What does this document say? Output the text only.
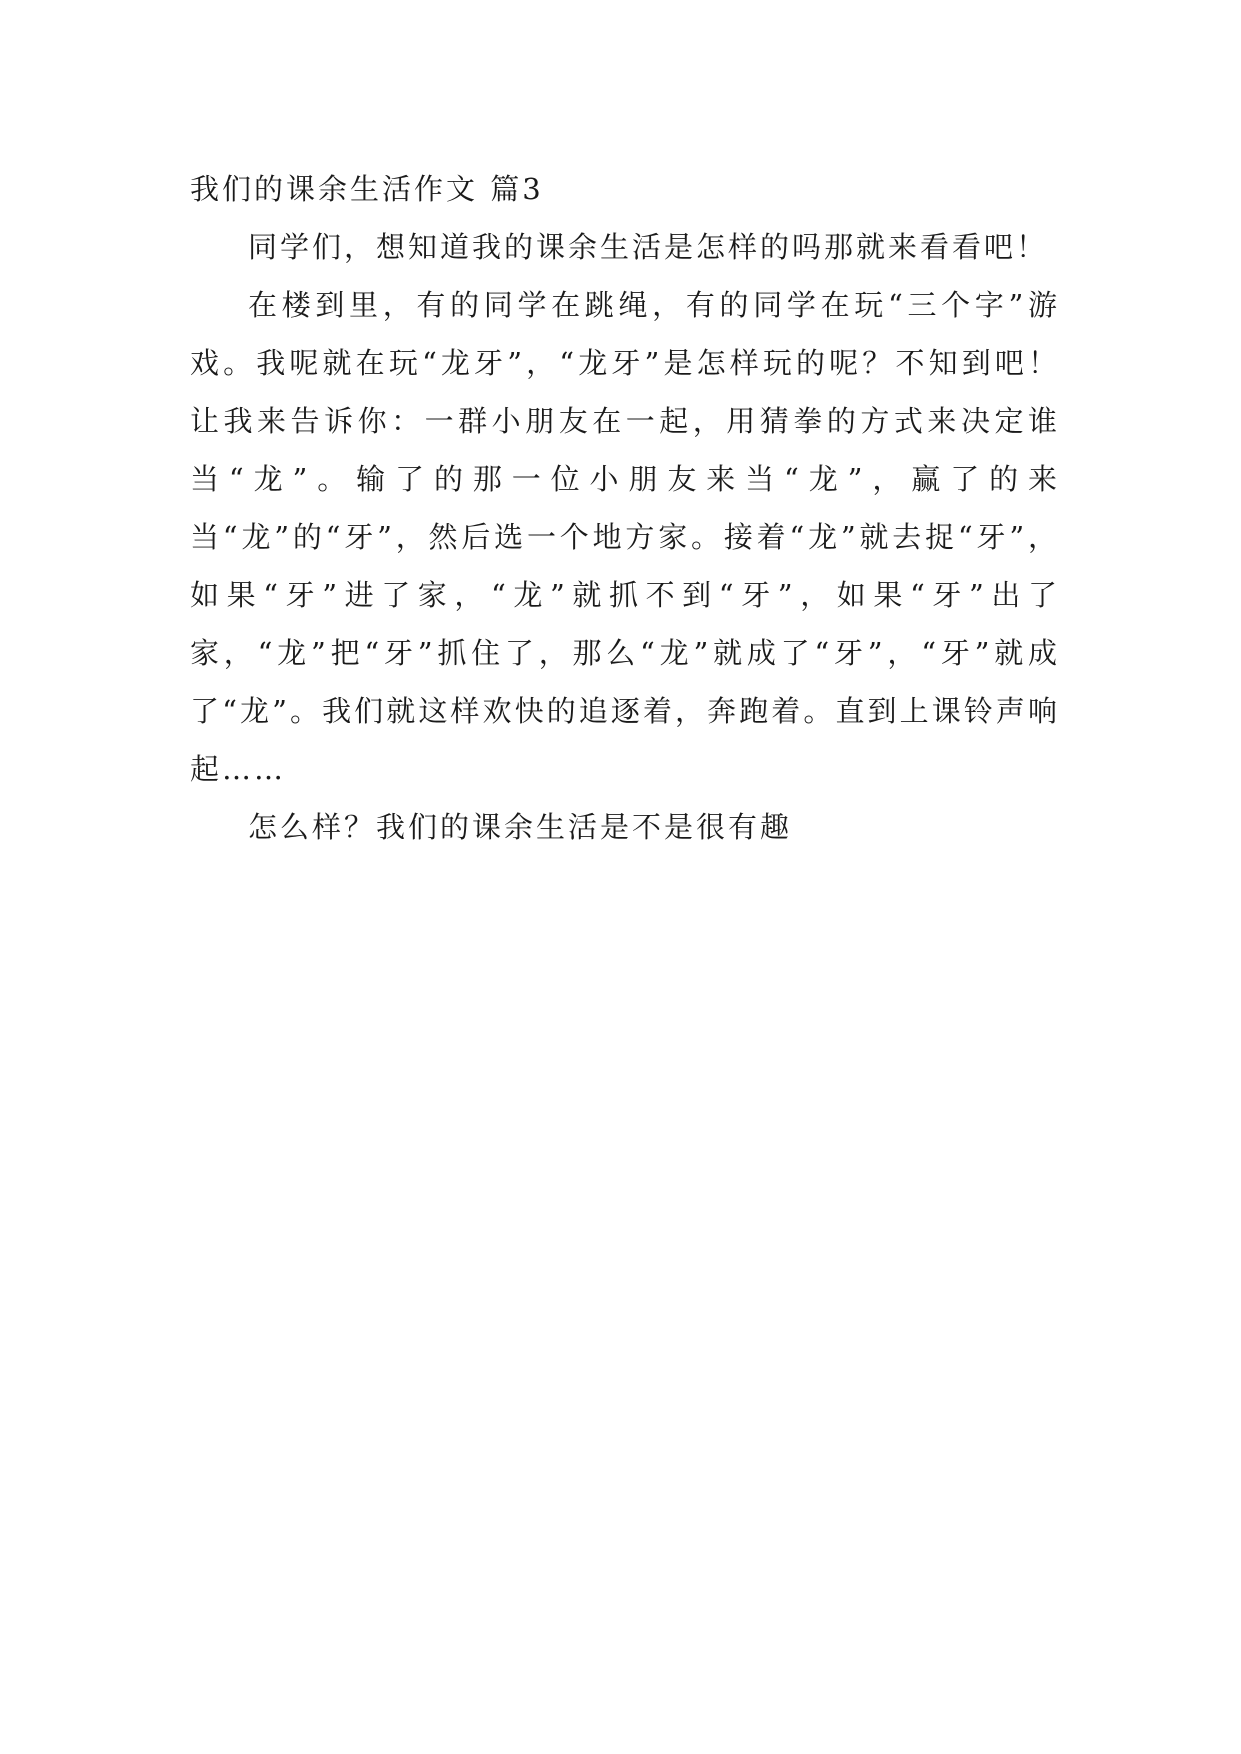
我们的课余生活作文 篇3

同学们，想知道我的课余生活是怎样的吗那就来看看吧！

在楼到里，有的同学在跳绳，有的同学在玩“三个字”游戏。我呢就在玩“龙牙”，“龙牙”是怎样玩的呢？不知到吧！让我来告诉你：一群小朋友在一起，用猜拳的方式来决定谁当“龙”。输了的那一位小朋友来当“龙”，赢了的来当“龙”的“牙”，然后选一个地方家。接着“龙”就去捉“牙”，如果“牙”进了家，“龙”就抓不到“牙”，如果“牙”出了家，“龙”把“牙”抓住了，那么“龙”就成了“牙”，“牙”就成了“龙”。我们就这样欢快的追逐着，奔跑着。直到上课铃声响起……

怎么样？我们的课余生活是不是很有趣
